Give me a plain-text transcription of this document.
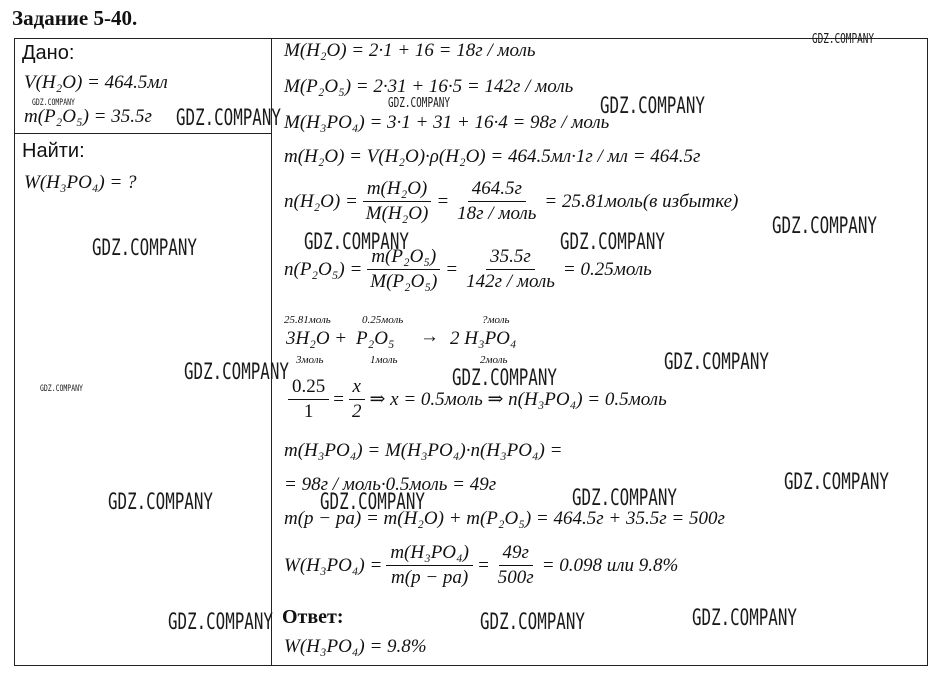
Задание 5-40.
Дано:
V(H₂O) = 464.5мл
m(P₂O₅) = 35.5г
Найти:
W(H₃PO₄) = ?
M(H₂O) = 2·1 + 16 = 18г / моль
M(P₂O₅) = 2·31 + 16·5 = 142г / моль
M(H₃PO₄) = 3·1 + 31 + 16·4 = 98г / моль
m(H₂O) = V(H₂O)·ρ(H₂O) = 464.5мл·1г / мл = 464.5г
$n(H_2O) = \frac{\text{m(H₂O)}}{\text{M(H₂O)}} = \frac{464.5г}{\text{18г / моль}}$ = 25.81моль(в избытке)
$n(P_2O_5) = \frac{\text{m(P₂O₅)}}{\text{M(P₂O₅)}} = \frac{35.5г}{\text{142г / моль}}$ = 0.25моль
25.81моль	0.25моль	?моль
3H₂O + P₂O₅ → 2 H₃PO₄
3моль	1моль	2моль
$\frac{0.25}{1} = \frac{x}{2}$ ⇒ x = 0.5моль ⇒ n(H₃PO₄) = 0.5моль
m(H₃PO₄) = M(H₃PO₄)·n(H₃PO₄) =
= 98г / моль·0.5моль = 49г
m(р − ра) = m(H₂O) + m(P₂O₅) = 464.5г + 35.5г = 500г
$W(H_3PO_4) = \frac{\text{m(H₃PO₄)}}{m(р - ра)} = \frac{49г}{500г} = 0.098$ или 9.8%
Ответ:
W(H₃PO₄) = 9.8%
GDZ.COMPANY
GDZ.COMPANY
GDZ.COMPANY
GDZ.COMPANY	GDZ.COMPANY
GDZ.COMPANY	GDZ.COMPANY	GDZ.COMPANY
GDZ.COMPANY
GDZ.COMPANY
GDZ.COMPANY	GDZ.COMPANY
GDZ.COMPANY
GDZ.COMPANY	GDZ.COMPANY	GDZ.COMPANY
GDZ.COMPANY
GDZ.COMPANY	GDZ.COMPANY	GDZ.COMPANY
